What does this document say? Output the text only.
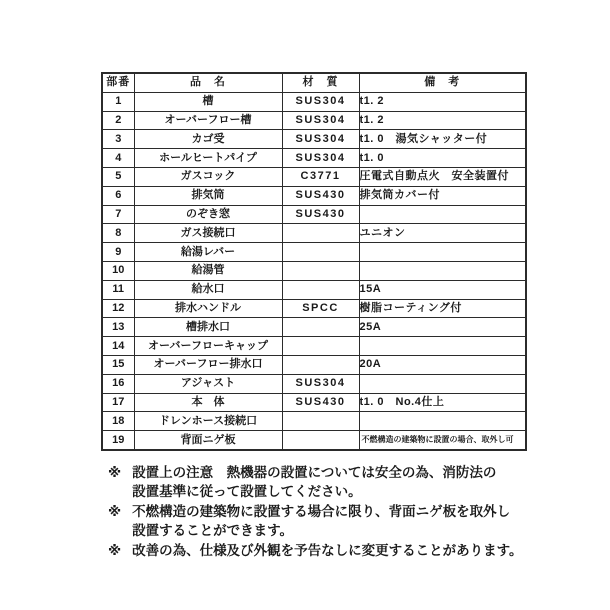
部番	品　名	材　質	備　考
1	槽	SUS304	t1. 2
2	オーバーフロー槽	SUS304	t1. 2
3	カゴ受	SUS304	t1. 0　湯気シャッター付
4	ホールヒートパイプ	SUS304	t1. 0
5	ガスコック	C3771	圧電式自動点火　安全装置付
6	排気筒	SUS430	排気筒カバー付
7	のぞき窓	SUS430	
8	ガス接続口		ユニオン
9	給湯レバー		
10	給湯管		
11	給水口		15A
12	排水ハンドル	SPCC	樹脂コーティング付
13	槽排水口		25A
14	オーバーフローキャップ		
15	オーバーフロー排水口		20A
16	アジャスト	SUS304	
17	本　体	SUS430	t1. 0　No.4仕上
18	ドレンホース接続口		
19	背面ニゲ板		不燃構造の建築物に設置の場合、取外し可
※ 設置上の注意　熱機器の設置については安全の為、消防法の
設置基準に従って設置してください。
※ 不燃構造の建築物に設置する場合に限り、背面ニゲ板を取外し
設置することができます。
※ 改善の為、仕様及び外観を予告なしに変更することがあります。
